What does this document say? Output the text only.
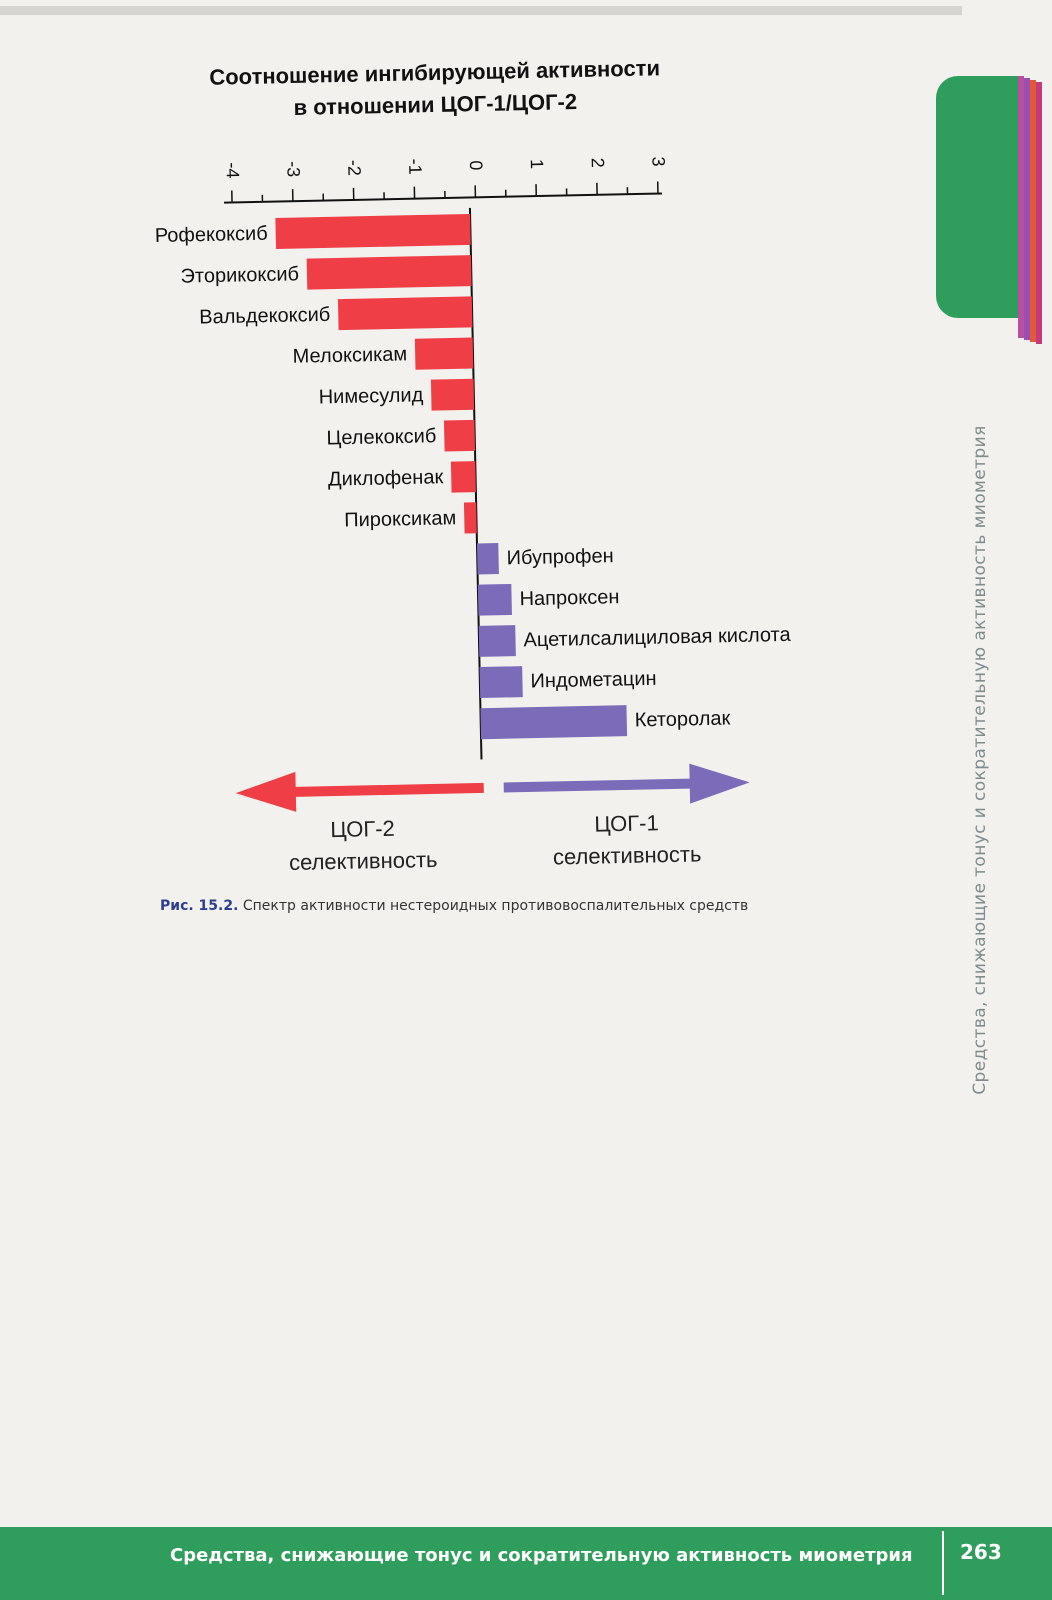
Соотношение ингибирующей активности
в отношении ЦОГ-1/ЦОГ-2
-4 -3 -2 -1 0 1 2 3
Рофекоксиб
Эторикоксиб
Вальдекоксиб
Мелоксикам
Нимесулид
Целекоксиб
Диклофенак
Пироксикам
Ибупрофен
Напроксен
Ацетилсалициловая кислота
Индометацин
Кеторолак
ЦОГ-2
селективность
ЦОГ-1
селективность
Рис. 15.2. Спектр активности нестероидных противовоспалительных средств	Средства, снижающие тонус и сократительную активность миометрия
Средства, снижающие тонус и сократительную активность миометрия 263
